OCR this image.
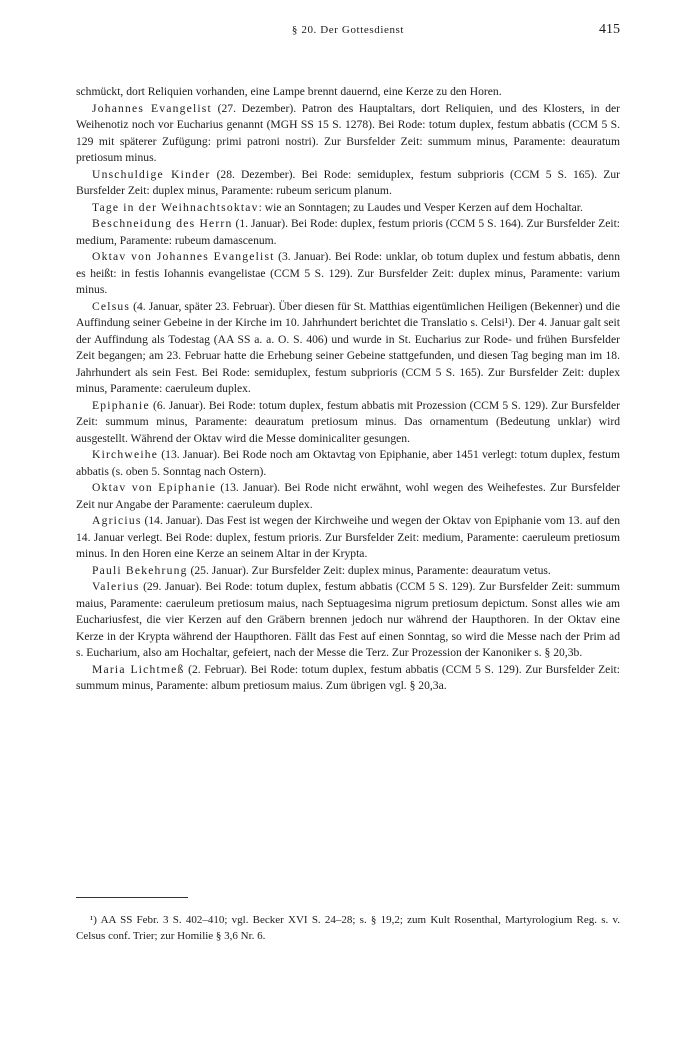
§ 20. Der Gottesdienst	415

schmückt, dort Reliquien vorhanden, eine Lampe brennt dauernd, eine Kerze zu den Horen.

Johannes Evangelist (27. Dezember). Patron des Hauptaltars, dort Reliquien, und des Klosters, in der Weihenotiz noch vor Eucharius genannt (MGH SS 15 S. 1278). Bei Rode: totum duplex, festum abbatis (CCM 5 S. 129 mit späterer Zufügung: primi patroni nostri). Zur Bursfelder Zeit: summum minus, Paramente: deauratum pretiosum minus.

Unschuldige Kinder (28. Dezember). Bei Rode: semiduplex, festum subprioris (CCM 5 S. 165). Zur Bursfelder Zeit: duplex minus, Paramente: rubeum sericum planum.

Tage in der Weihnachtsoktav: wie an Sonntagen; zu Laudes und Vesper Kerzen auf dem Hochaltar.

Beschneidung des Herrn (1. Januar). Bei Rode: duplex, festum prioris (CCM 5 S. 164). Zur Bursfelder Zeit: medium, Paramente: rubeum damascenum.

Oktav von Johannes Evangelist (3. Januar). Bei Rode: unklar, ob totum duplex und festum abbatis, denn es heißt: in festis Iohannis evangelistae (CCM 5 S. 129). Zur Bursfelder Zeit: duplex minus, Paramente: varium minus.

Celsus (4. Januar, später 23. Februar). Über diesen für St. Matthias eigentümlichen Heiligen (Bekenner) und die Auffindung seiner Gebeine in der Kirche im 10. Jahrhundert berichtet die Translatio s. Celsi¹). Der 4. Januar galt seit der Auffindung als Todestag (AA SS a. a. O. S. 406) und wurde in St. Eucharius zur Rode- und frühen Bursfelder Zeit begangen; am 23. Februar hatte die Erhebung seiner Gebeine stattgefunden, und diesen Tag beging man im 18. Jahrhundert als sein Fest. Bei Rode: semiduplex, festum subprioris (CCM 5 S. 165). Zur Bursfelder Zeit: duplex minus, Paramente: caeruleum duplex.

Epiphanie (6. Januar). Bei Rode: totum duplex, festum abbatis mit Prozession (CCM 5 S. 129). Zur Bursfelder Zeit: summum minus, Paramente: deauratum pretiosum minus. Das ornamentum (Bedeutung unklar) wird ausgestellt. Während der Oktav wird die Messe dominicaliter gesungen.

Kirchweihe (13. Januar). Bei Rode noch am Oktavtag von Epiphanie, aber 1451 verlegt: totum duplex, festum abbatis (s. oben 5. Sonntag nach Ostern).

Oktav von Epiphanie (13. Januar). Bei Rode nicht erwähnt, wohl wegen des Weihefestes. Zur Bursfelder Zeit nur Angabe der Paramente: caeruleum duplex.

Agricius (14. Januar). Das Fest ist wegen der Kirchweihe und wegen der Oktav von Epiphanie vom 13. auf den 14. Januar verlegt. Bei Rode: duplex, festum prioris. Zur Bursfelder Zeit: medium, Paramente: caeruleum pretiosum minus. In den Horen eine Kerze an seinem Altar in der Krypta.

Pauli Bekehrung (25. Januar). Zur Bursfelder Zeit: duplex minus, Paramente: deauratum vetus.

Valerius (29. Januar). Bei Rode: totum duplex, festum abbatis (CCM 5 S. 129). Zur Bursfelder Zeit: summum maius, Paramente: caeruleum pretiosum maius, nach Septuagesima nigrum pretiosum depictum. Sonst alles wie am Euchariusfest, die vier Kerzen auf den Gräbern brennen jedoch nur während der Haupthoren. In der Oktav eine Kerze in der Krypta während der Haupthoren. Fällt das Fest auf einen Sonntag, so wird die Messe nach der Prim ad s. Eucharium, also am Hochaltar, gefeiert, nach der Messe die Terz. Zur Prozession der Kanoniker s. § 20,3b.

Maria Lichtmeß (2. Februar). Bei Rode: totum duplex, festum abbatis (CCM 5 S. 129). Zur Bursfelder Zeit: summum minus, Paramente: album pretiosum maius. Zum übrigen vgl. § 20,3a.

¹) AA SS Febr. 3 S. 402–410; vgl. Becker XVI S. 24–28; s. § 19,2; zum Kult Rosenthal, Martyrologium Reg. s. v. Celsus conf. Trier; zur Homilie § 3,6 Nr. 6.
